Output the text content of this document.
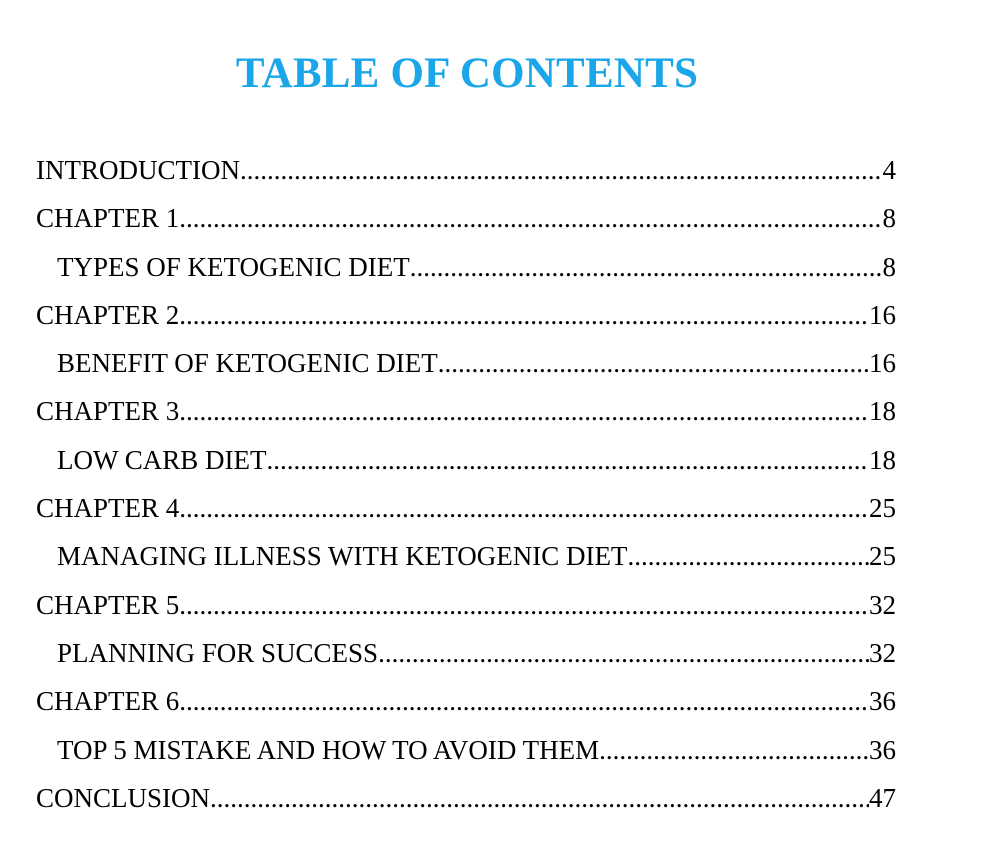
TABLE OF CONTENTS
INTRODUCTION .....	4
CHAPTER 1 .....	8
TYPES OF KETOGENIC DIET .....	8
CHAPTER 2 .....	16
BENEFIT OF KETOGENIC DIET .....	16
CHAPTER 3 .....	18
LOW CARB DIET .....	18
CHAPTER 4 .....	25
MANAGING ILLNESS WITH KETOGENIC DIET .....	25
CHAPTER 5 .....	32
PLANNING FOR SUCCESS .....	32
CHAPTER 6 .....	36
TOP 5 MISTAKE AND HOW TO AVOID THEM .....	36
CONCLUSION .....	47
